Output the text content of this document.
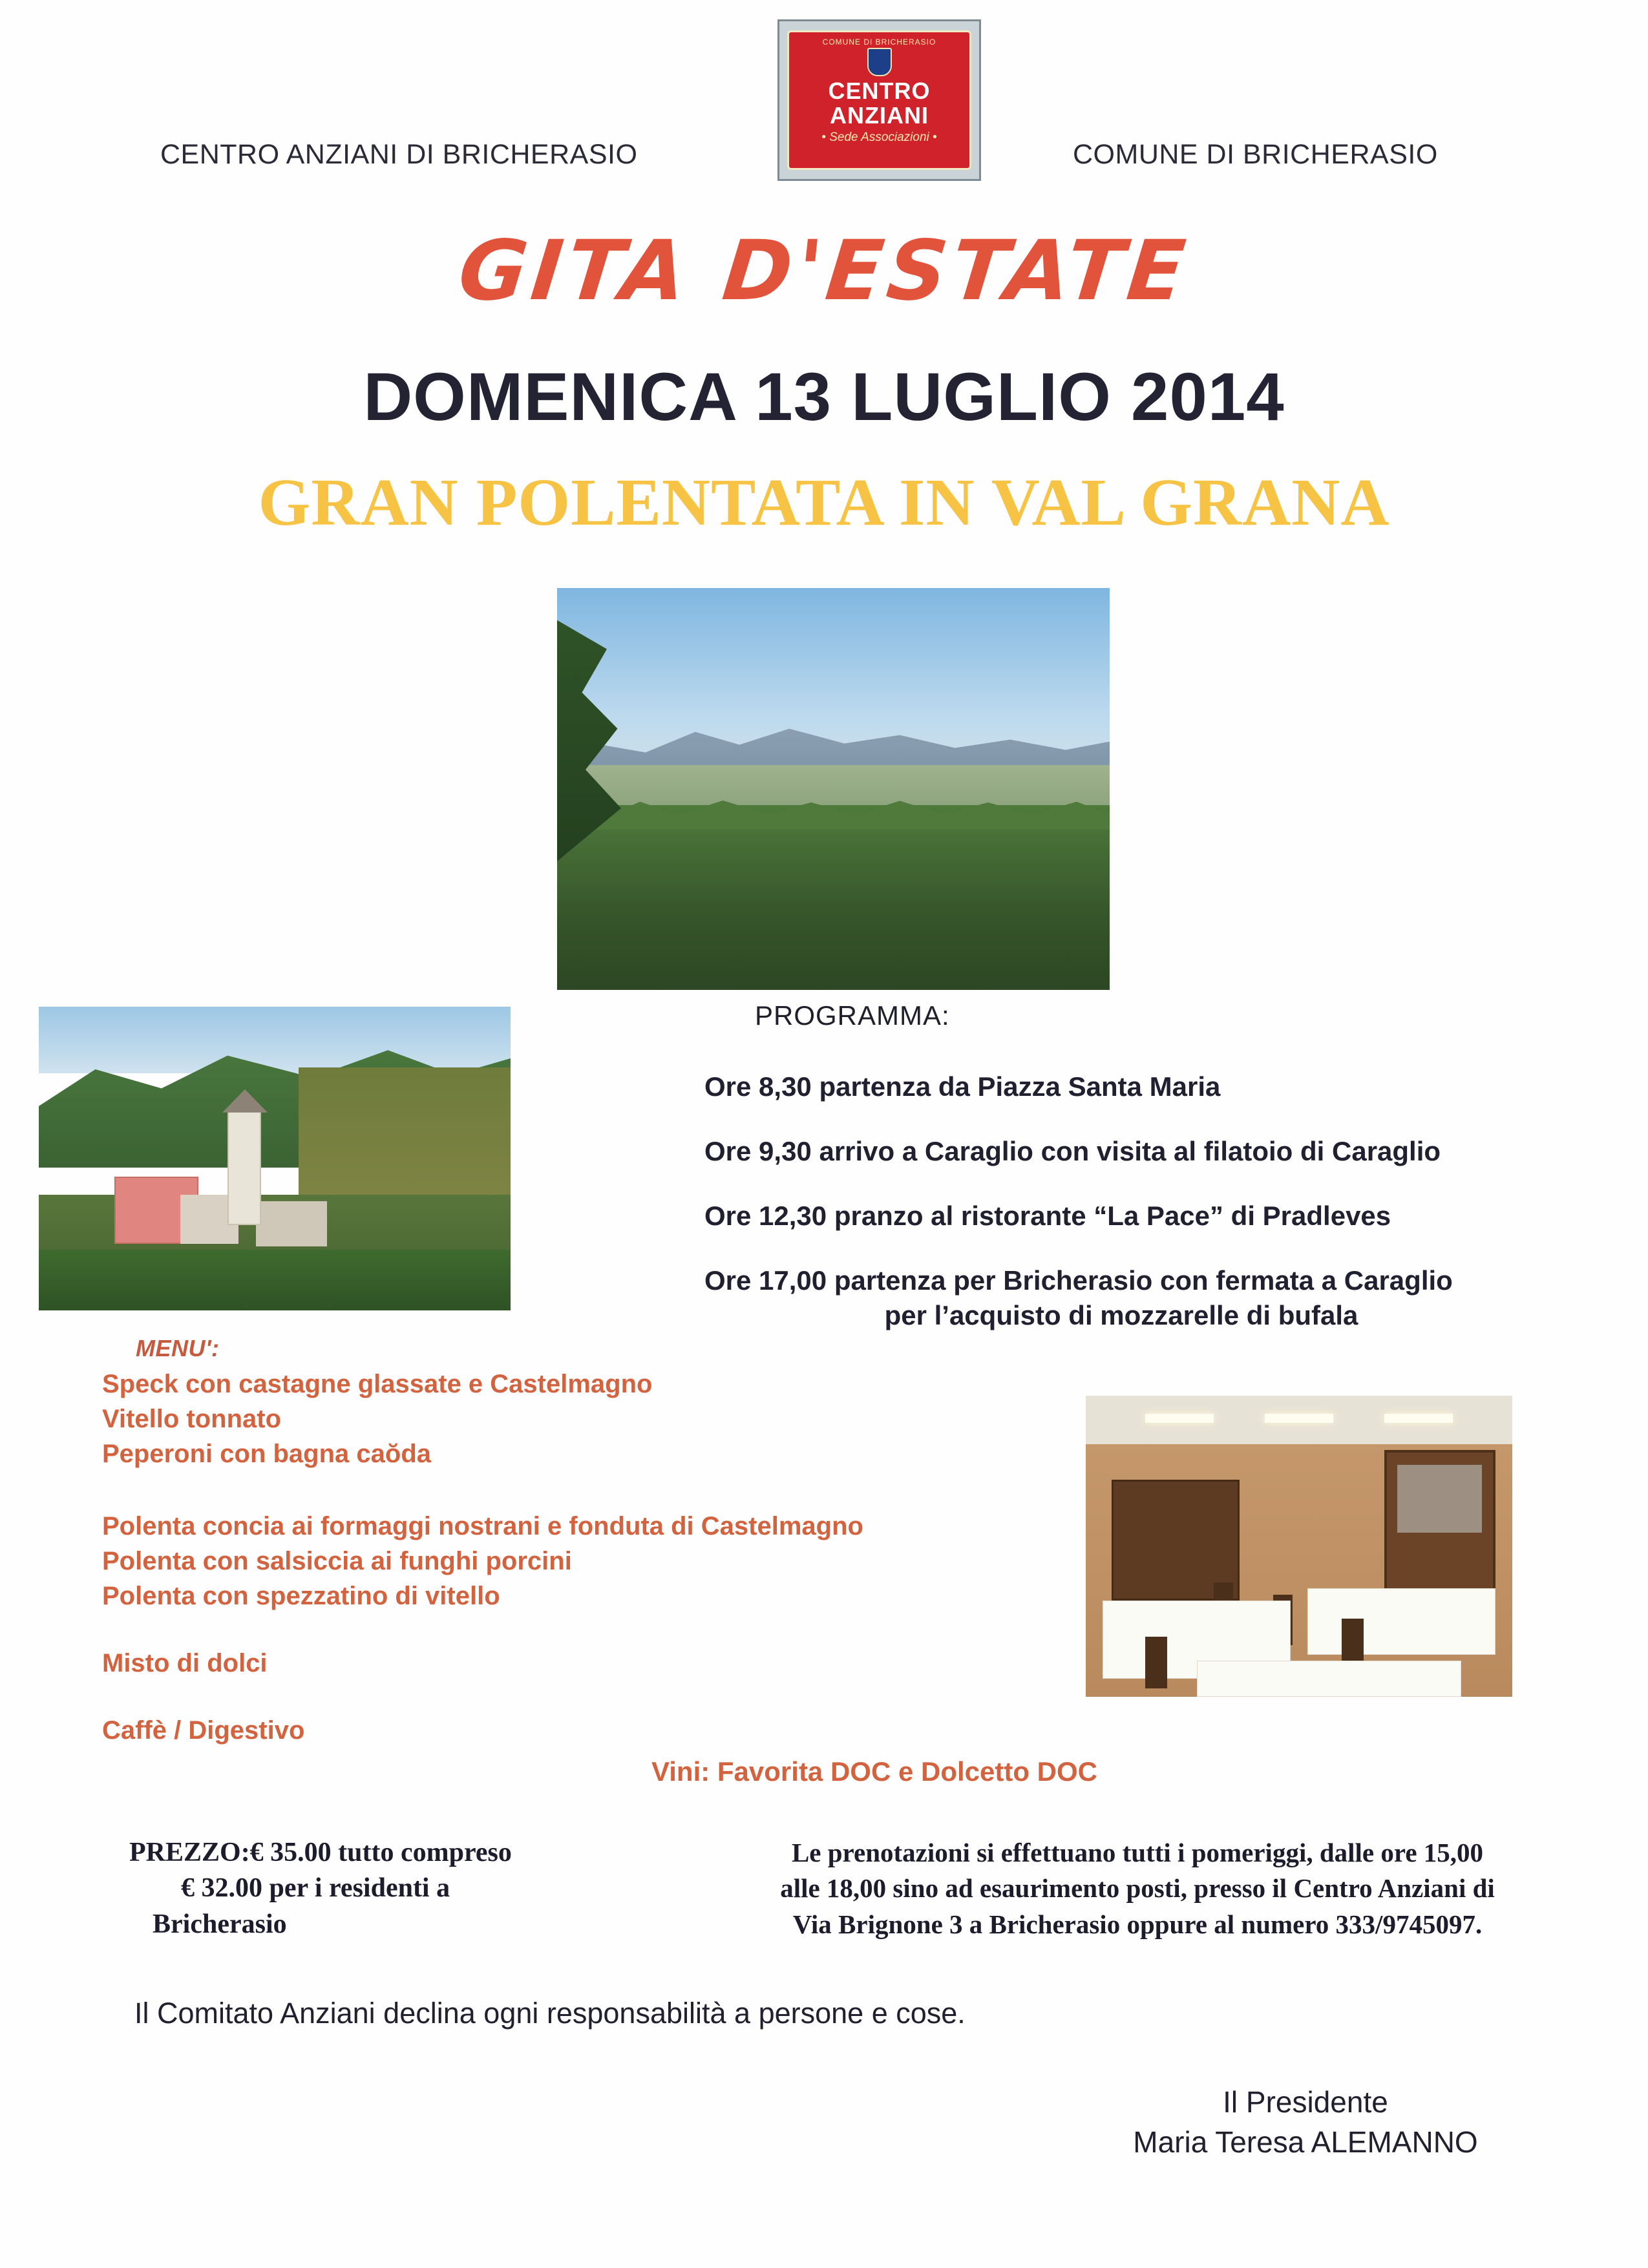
CENTRO ANZIANI DI BRICHERASIO	COMUNE DI BRICHERASIO
COMUNE DI BRICHERASIO
CENTRO ANZIANI
• Sede Associazioni •
GITA D'ESTATE
DOMENICA 13 LUGLIO 2014
GRAN POLENTATA IN VAL GRANA
PROGRAMMA:
Ore 8,30 partenza da Piazza Santa Maria
Ore 9,30 arrivo a Caraglio con visita al filatoio di Caraglio
Ore 12,30 pranzo al ristorante “La Pace” di Pradleves
Ore 17,00 partenza per Bricherasio con fermata a Caraglio
per l’acquisto di mozzarelle di bufala
MENU':
Speck con castagne glassate e Castelmagno
Vitello tonnato
Peperoni con bagna caŏda
Polenta concia ai formaggi nostrani e fonduta di Castelmagno
Polenta con salsiccia ai funghi porcini
Polenta con spezzatino di vitello
Misto di dolci
Caffè / Digestivo
Vini: Favorita DOC e Dolcetto DOC
PREZZO:€ 35.00 tutto compreso
€ 32.00 per i residenti a
Bricherasio
Le prenotazioni si effettuano tutti i pomeriggi, dalle ore 15,00
alle 18,00 sino ad esaurimento posti, presso il Centro Anziani di
Via Brignone 3 a Bricherasio oppure al numero 333/9745097.
Il Comitato Anziani declina ogni responsabilità a persone e cose.
Il Presidente
Maria Teresa ALEMANNO
